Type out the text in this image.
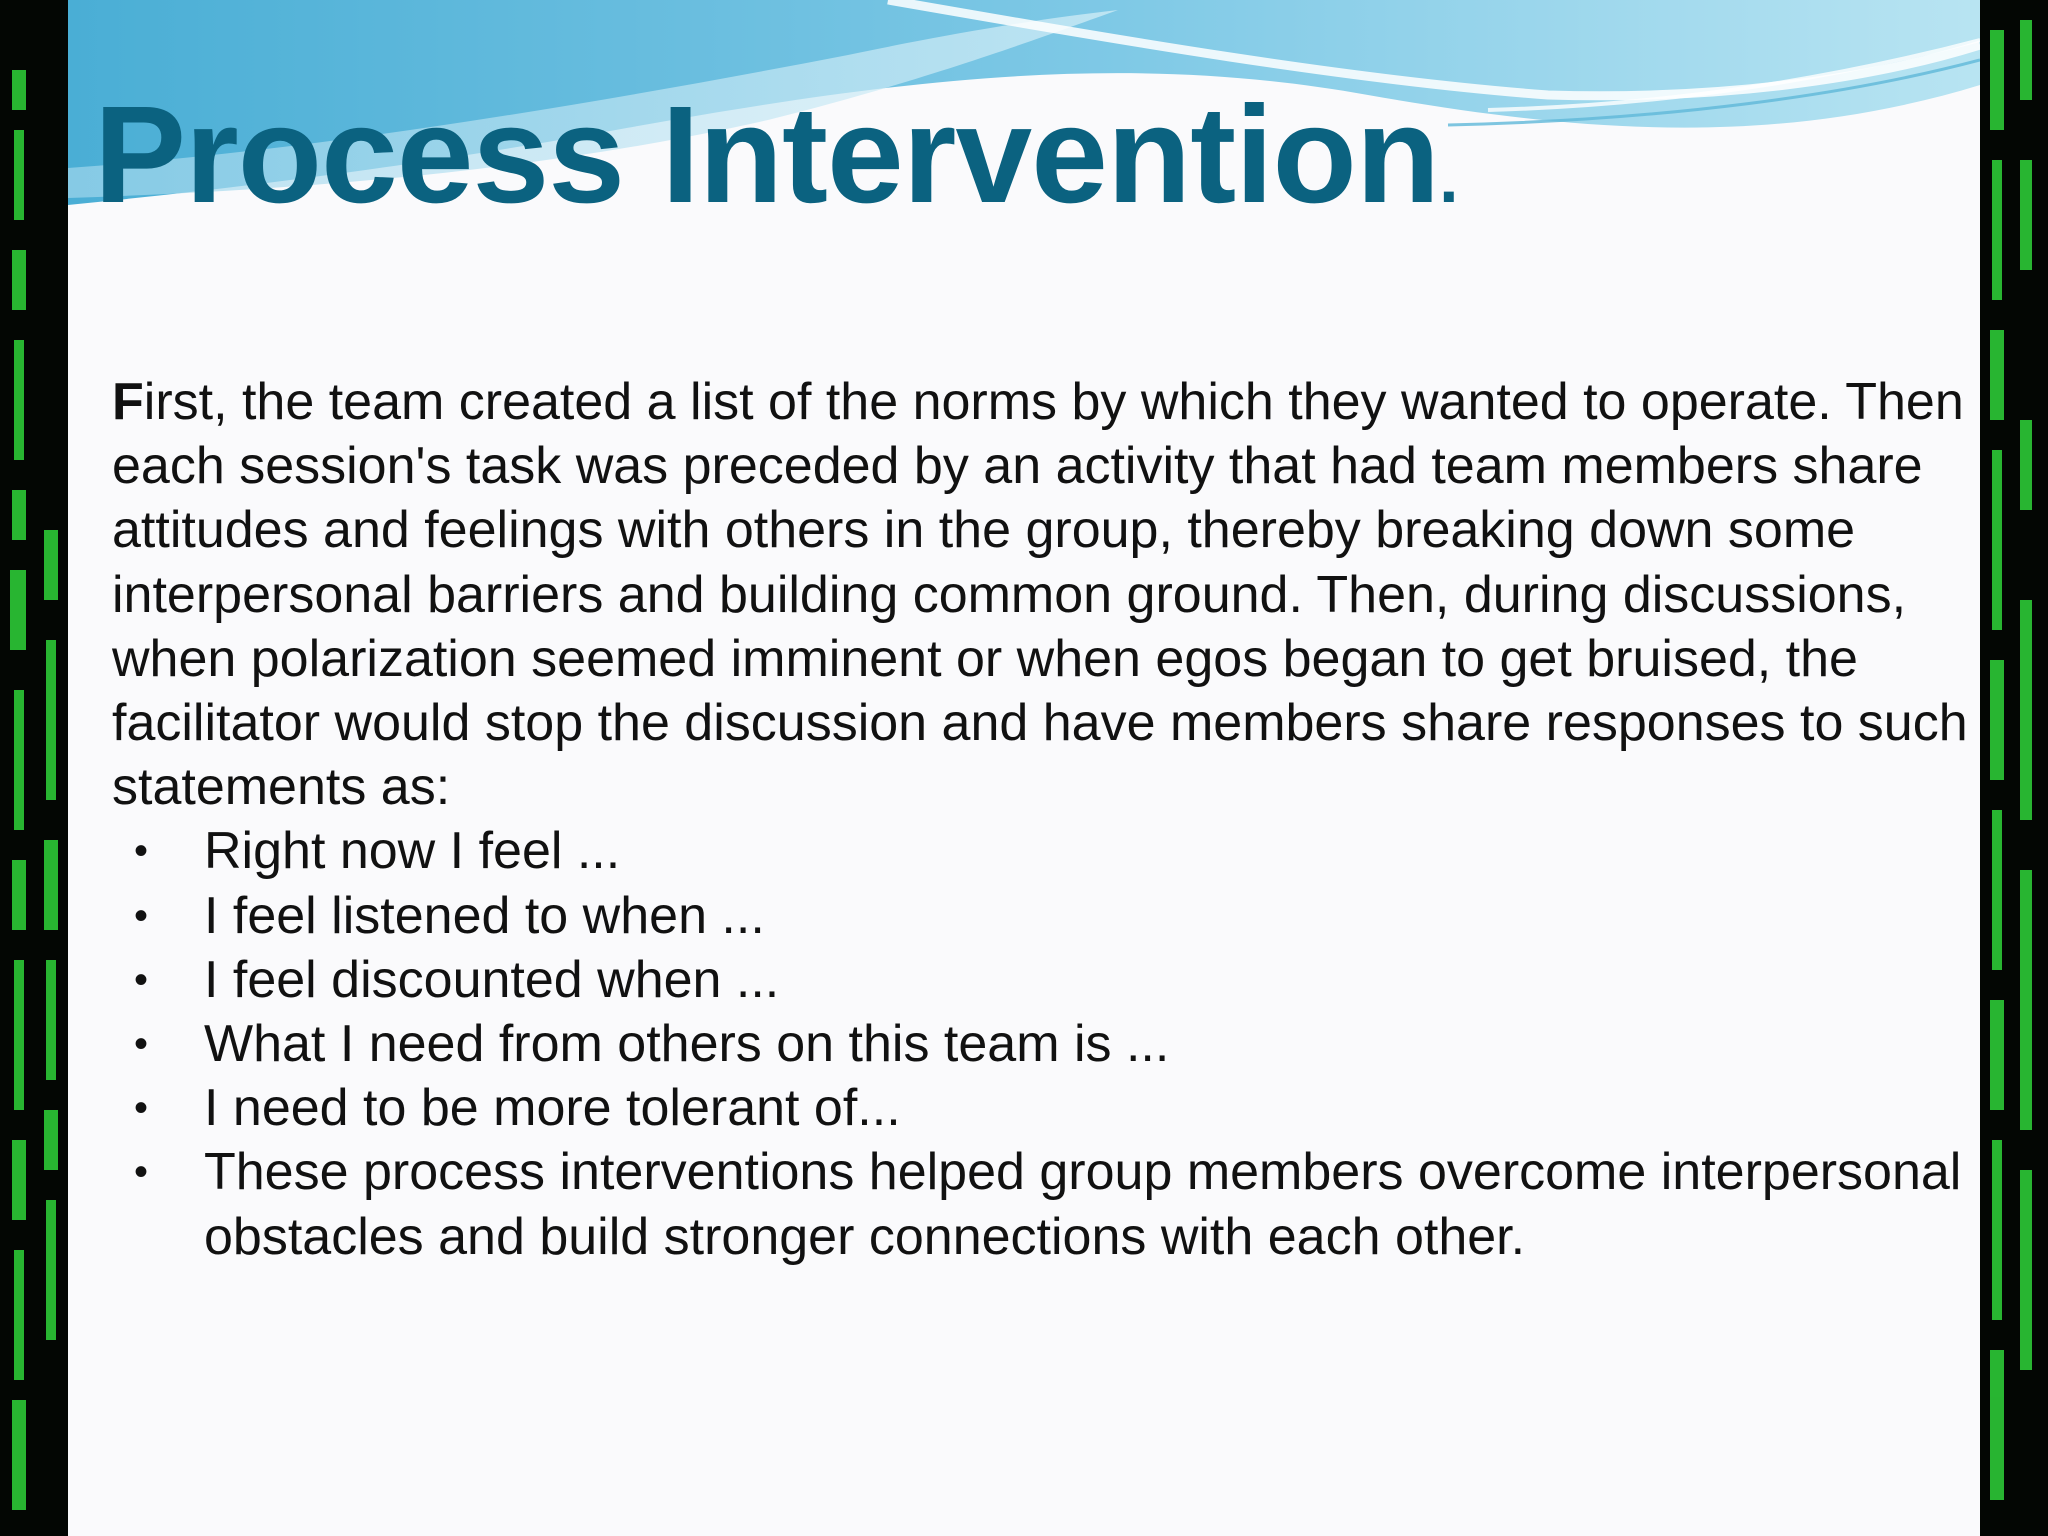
Process Intervention.

First, the team created a list of the norms by which they wanted to operate. Then each session's task was preceded by an activity that had team members share attitudes and feelings with others in the group, thereby breaking down some interpersonal barriers and building common ground. Then, during discussions, when polarization seemed imminent or when egos began to get bruised, the facilitator would stop the discussion and have members share responses to such statements as:

• Right now I feel ...
• I feel listened to when ...
• I feel discounted when ...
• What I need from others on this team is ...
• I need to be more tolerant of...
• These process interventions helped group members overcome interpersonal obstacles and build stronger connections with each other.
